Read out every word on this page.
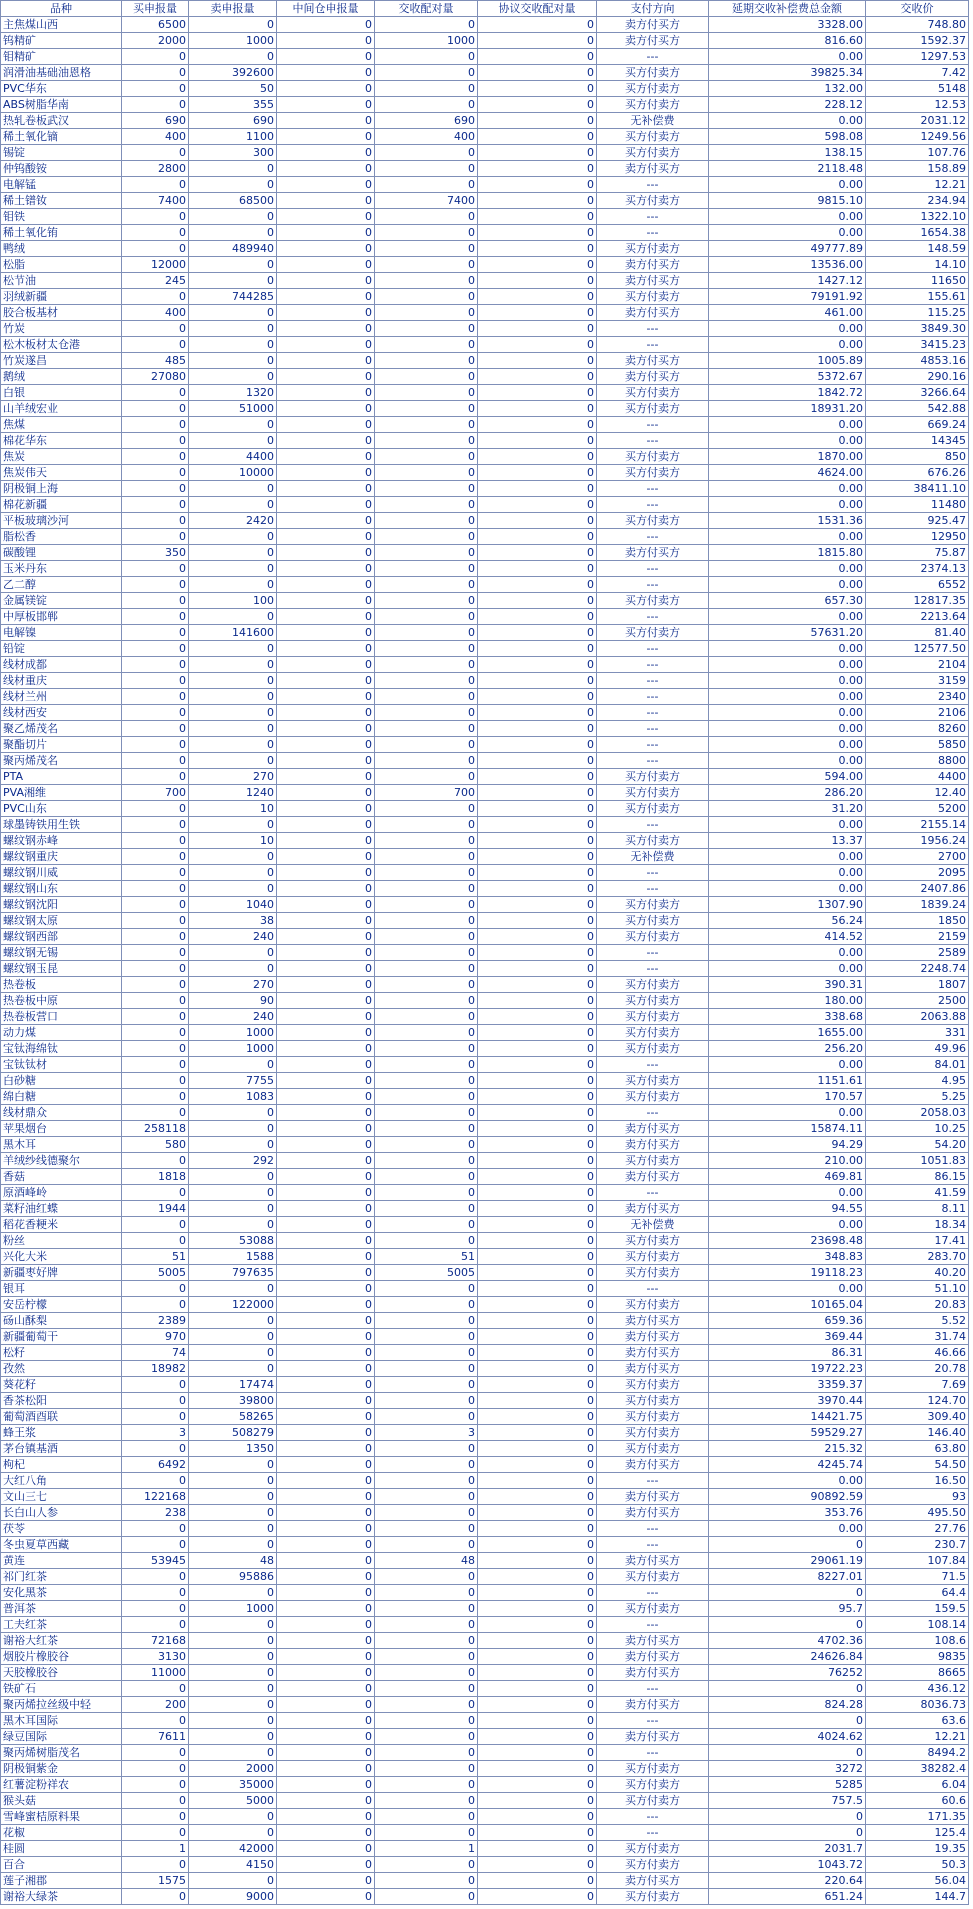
品种	买申报量	卖申报量	中间仓申报量	交收配对量	协议交收配对量	支付方向	延期交收补偿费总金额	交收价
主焦煤山西	6500	0	0	0	0	卖方付买方	3328.00	748.80
钨精矿	2000	1000	0	1000	0	卖方付买方	816.60	1592.37
钼精矿	0	0	0	0	0	---	0.00	1297.53
润滑油基础油恩格	0	392600	0	0	0	买方付卖方	39825.34	7.42
PVC华东	0	50	0	0	0	买方付卖方	132.00	5148
ABS树脂华南	0	355	0	0	0	买方付卖方	228.12	12.53
热轧卷板武汉	690	690	0	690	0	无补偿费	0.00	2031.12
稀土氧化镝	400	1100	0	400	0	买方付卖方	598.08	1249.56
锡锭	0	300	0	0	0	买方付卖方	138.15	107.76
仲钨酸铵	2800	0	0	0	0	卖方付买方	2118.48	158.89
电解锰	0	0	0	0	0	---	0.00	12.21
稀土镨钕	7400	68500	0	7400	0	买方付卖方	9815.10	234.94
钼铁	0	0	0	0	0	---	0.00	1322.10
稀土氧化铕	0	0	0	0	0	---	0.00	1654.38
鸭绒	0	489940	0	0	0	买方付卖方	49777.89	148.59
松脂	12000	0	0	0	0	卖方付买方	13536.00	14.10
松节油	245	0	0	0	0	卖方付买方	1427.12	11650
羽绒新疆	0	744285	0	0	0	买方付卖方	79191.92	155.61
胶合板基材	400	0	0	0	0	卖方付买方	461.00	115.25
竹炭	0	0	0	0	0	---	0.00	3849.30
松木板材太仓港	0	0	0	0	0	---	0.00	3415.23
竹炭遂昌	485	0	0	0	0	卖方付买方	1005.89	4853.16
鹅绒	27080	0	0	0	0	卖方付买方	5372.67	290.16
白银	0	1320	0	0	0	买方付卖方	1842.72	3266.64
山羊绒宏业	0	51000	0	0	0	买方付卖方	18931.20	542.88
焦煤	0	0	0	0	0	---	0.00	669.24
棉花华东	0	0	0	0	0	---	0.00	14345
焦炭	0	4400	0	0	0	买方付卖方	1870.00	850
焦炭伟天	0	10000	0	0	0	买方付卖方	4624.00	676.26
阴极铜上海	0	0	0	0	0	---	0.00	38411.10
棉花新疆	0	0	0	0	0	---	0.00	11480
平板玻璃沙河	0	2420	0	0	0	买方付卖方	1531.36	925.47
脂松香	0	0	0	0	0	---	0.00	12950
碳酸锂	350	0	0	0	0	卖方付买方	1815.80	75.87
玉米丹东	0	0	0	0	0	---	0.00	2374.13
乙二醇	0	0	0	0	0	---	0.00	6552
金属镁锭	0	100	0	0	0	买方付卖方	657.30	12817.35
中厚板邯郸	0	0	0	0	0	---	0.00	2213.64
电解镍	0	141600	0	0	0	买方付卖方	57631.20	81.40
铅锭	0	0	0	0	0	---	0.00	12577.50
线材成都	0	0	0	0	0	---	0.00	2104
线材重庆	0	0	0	0	0	---	0.00	3159
线材兰州	0	0	0	0	0	---	0.00	2340
线材西安	0	0	0	0	0	---	0.00	2106
聚乙烯茂名	0	0	0	0	0	---	0.00	8260
聚酯切片	0	0	0	0	0	---	0.00	5850
聚丙烯茂名	0	0	0	0	0	---	0.00	8800
PTA	0	270	0	0	0	买方付卖方	594.00	4400
PVA湘维	700	1240	0	700	0	买方付卖方	286.20	12.40
PVC山东	0	10	0	0	0	买方付卖方	31.20	5200
球墨铸铁用生铁	0	0	0	0	0	---	0.00	2155.14
螺纹钢赤峰	0	10	0	0	0	买方付卖方	13.37	1956.24
螺纹钢重庆	0	0	0	0	0	无补偿费	0.00	2700
螺纹钢川威	0	0	0	0	0	---	0.00	2095
螺纹钢山东	0	0	0	0	0	---	0.00	2407.86
螺纹钢沈阳	0	1040	0	0	0	买方付卖方	1307.90	1839.24
螺纹钢太原	0	38	0	0	0	买方付卖方	56.24	1850
螺纹钢西部	0	240	0	0	0	买方付卖方	414.52	2159
螺纹钢无锡	0	0	0	0	0	---	0.00	2589
螺纹钢玉昆	0	0	0	0	0	---	0.00	2248.74
热卷板	0	270	0	0	0	买方付卖方	390.31	1807
热卷板中原	0	90	0	0	0	买方付卖方	180.00	2500
热卷板营口	0	240	0	0	0	买方付卖方	338.68	2063.88
动力煤	0	1000	0	0	0	买方付卖方	1655.00	331
宝钛海绵钛	0	1000	0	0	0	买方付卖方	256.20	49.96
宝钛钛材	0	0	0	0	0	---	0.00	84.01
白砂糖	0	7755	0	0	0	买方付卖方	1151.61	4.95
绵白糖	0	1083	0	0	0	买方付卖方	170.57	5.25
线材鼎众	0	0	0	0	0	---	0.00	2058.03
苹果烟台	258118	0	0	0	0	卖方付买方	15874.11	10.25
黑木耳	580	0	0	0	0	卖方付买方	94.29	54.20
羊绒纱线德聚尔	0	292	0	0	0	买方付卖方	210.00	1051.83
香菇	1818	0	0	0	0	卖方付买方	469.81	86.15
原酒峰岭	0	0	0	0	0	---	0.00	41.59
菜籽油红蝶	1944	0	0	0	0	卖方付买方	94.55	8.11
稻花香粳米	0	0	0	0	0	无补偿费	0.00	18.34
粉丝	0	53088	0	0	0	买方付卖方	23698.48	17.41
兴化大米	51	1588	0	51	0	买方付卖方	348.83	283.70
新疆枣好牌	5005	797635	0	5005	0	买方付卖方	19118.23	40.20
银耳	0	0	0	0	0	---	0.00	51.10
安岳柠檬	0	122000	0	0	0	买方付卖方	10165.04	20.83
砀山酥梨	2389	0	0	0	0	卖方付买方	659.36	5.52
新疆葡萄干	970	0	0	0	0	卖方付买方	369.44	31.74
松籽	74	0	0	0	0	卖方付买方	86.31	46.66
孜然	18982	0	0	0	0	卖方付买方	19722.23	20.78
葵花籽	0	17474	0	0	0	买方付卖方	3359.37	7.69
香茶松阳	0	39800	0	0	0	买方付卖方	3970.44	124.70
葡萄酒酉联	0	58265	0	0	0	买方付卖方	14421.75	309.40
蜂王浆	3	508279	0	3	0	买方付卖方	59529.27	146.40
茅台镇基酒	0	1350	0	0	0	买方付卖方	215.32	63.80
枸杞	6492	0	0	0	0	卖方付买方	4245.74	54.50
大红八角	0	0	0	0	0	---	0.00	16.50
文山三七	122168	0	0	0	0	卖方付买方	90892.59	93
长白山人参	238	0	0	0	0	卖方付买方	353.76	495.50
茯苓	0	0	0	0	0	---	0.00	27.76
冬虫夏草西藏	0	0	0	0	0	---	0	230.7
黄连	53945	48	0	48	0	卖方付买方	29061.19	107.84
祁门红茶	0	95886	0	0	0	买方付卖方	8227.01	71.5
安化黑茶	0	0	0	0	0	---	0	64.4
普洱茶	0	1000	0	0	0	买方付卖方	95.7	159.5
工夫红茶	0	0	0	0	0	---	0	108.14
谢裕大红茶	72168	0	0	0	0	卖方付买方	4702.36	108.6
烟胶片橡胶谷	3130	0	0	0	0	卖方付买方	24626.84	9835
天胶橡胶谷	11000	0	0	0	0	卖方付买方	76252	8665
铁矿石	0	0	0	0	0	---	0	436.12
聚丙烯拉丝级中轻	200	0	0	0	0	卖方付买方	824.28	8036.73
黑木耳国际	0	0	0	0	0	---	0	63.6
绿豆国际	7611	0	0	0	0	卖方付买方	4024.62	12.21
聚丙烯树脂茂名	0	0	0	0	0	---	0	8494.2
阴极铜紫金	0	2000	0	0	0	买方付卖方	3272	38282.4
红薯淀粉祥农	0	35000	0	0	0	买方付卖方	5285	6.04
猴头菇	0	5000	0	0	0	买方付卖方	757.5	60.6
雪峰蜜桔原料果	0	0	0	0	0	---	0	171.35
花椒	0	0	0	0	0	---	0	125.4
桂圆	1	42000	0	1	0	买方付卖方	2031.7	19.35
百合	0	4150	0	0	0	买方付卖方	1043.72	50.3
莲子湘郡	1575	0	0	0	0	卖方付买方	220.64	56.04
谢裕大绿茶	0	9000	0	0	0	买方付卖方	651.24	144.7
